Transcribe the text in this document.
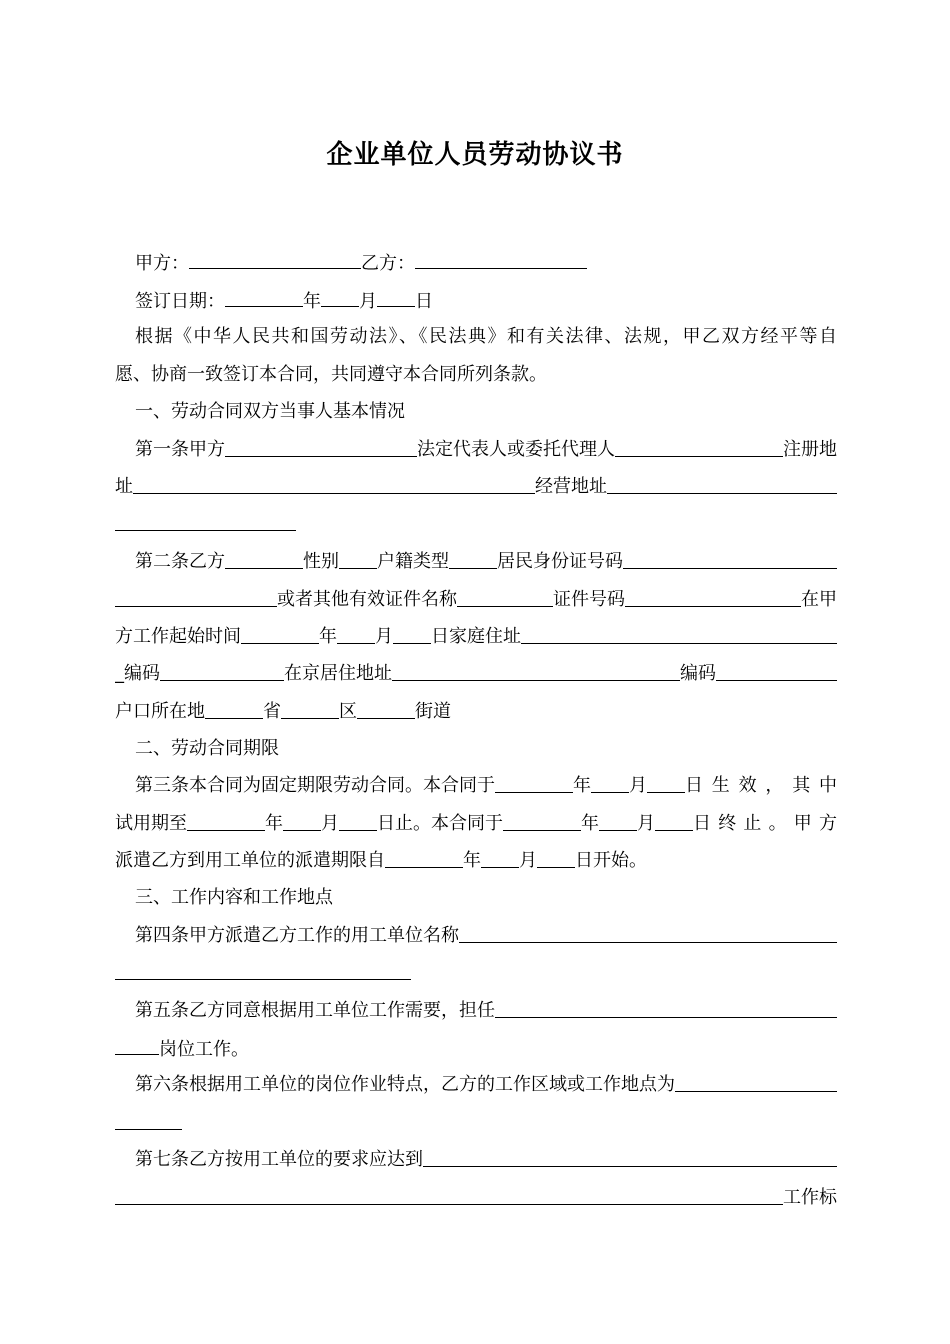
企业单位人员劳动协议书
甲方：	乙方：
签订日期：	年 月 日
根据《中华人民共和国劳动法》、《民法典》和有关法律、法规，甲乙双方经平等自
愿、协商一致签订本合同，共同遵守本合同所列条款。
一、劳动合同双方当事人基本情况
第一条甲方	法定代表人或委托代理人	注册地
址	经营地址
第二条乙方	性别 户籍类型	居民身份证号码
或者其他有效证件名称	证件号码	在甲
方工作起始时间	年 月 日家庭住址
_编码	在京居住地址	编码
户口所在地	省	区	街道
二、劳动合同期限
第三条本合同为固定期限劳动合同。本合同于	年 月 日生效，其中
试用期至	年 月 日止。本合同于	年 月 日终止。甲方
派遣乙方到用工单位的派遣期限自	年 月 日开始。
三、工作内容和工作地点
第四条甲方派遣乙方工作的用工单位名称
第五条乙方同意根据用工单位工作需要，担任
岗位工作。
第六条根据用工单位的岗位作业特点，乙方的工作区域或工作地点为
第七条乙方按用工单位的要求应达到
工作标
